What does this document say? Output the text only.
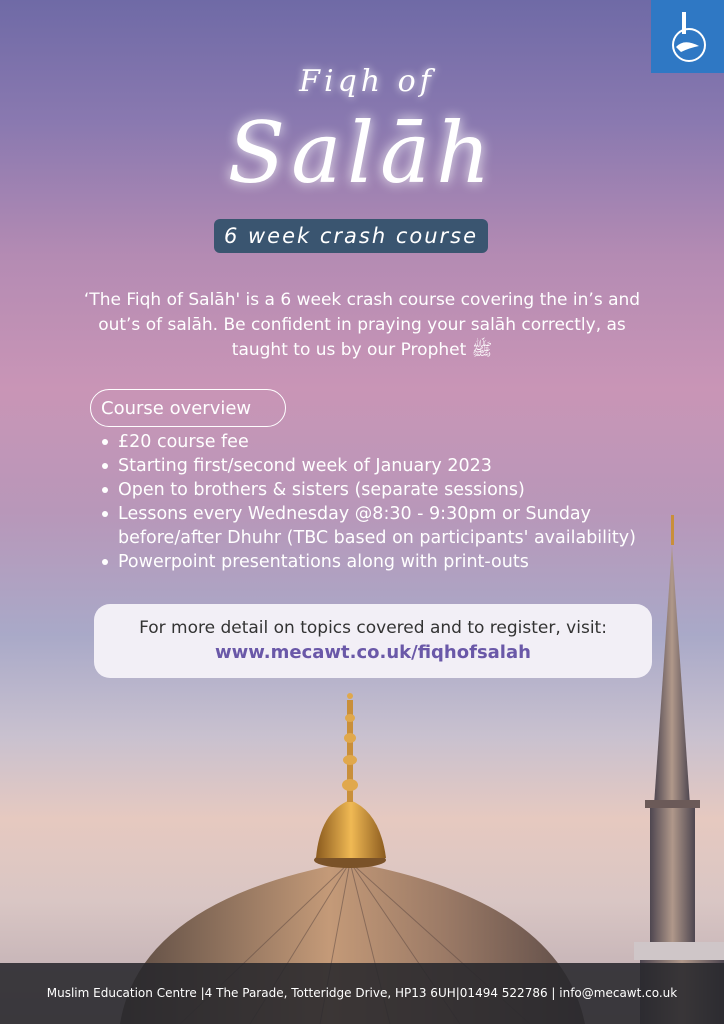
Fiqh of
Salāh
6 week crash course
‘The Fiqh of Salāh' is a 6 week crash course covering the in’s and out’s of salāh. Be confident in praying your salāh correctly, as taught to us by our Prophet ﷺ
Course overview
£20 course fee
Starting first/second week of January 2023
Open to brothers & sisters (separate sessions)
Lessons every Wednesday @8:30 - 9:30pm or Sunday before/after Dhuhr (TBC based on participants' availability)
Powerpoint presentations along with print-outs
For more detail on topics covered and to register, visit:
www.mecawt.co.uk/fiqhofsalah
Muslim Education Centre |4 The Parade, Totteridge Drive, HP13 6UH|01494 522786 | info@mecawt.co.uk
